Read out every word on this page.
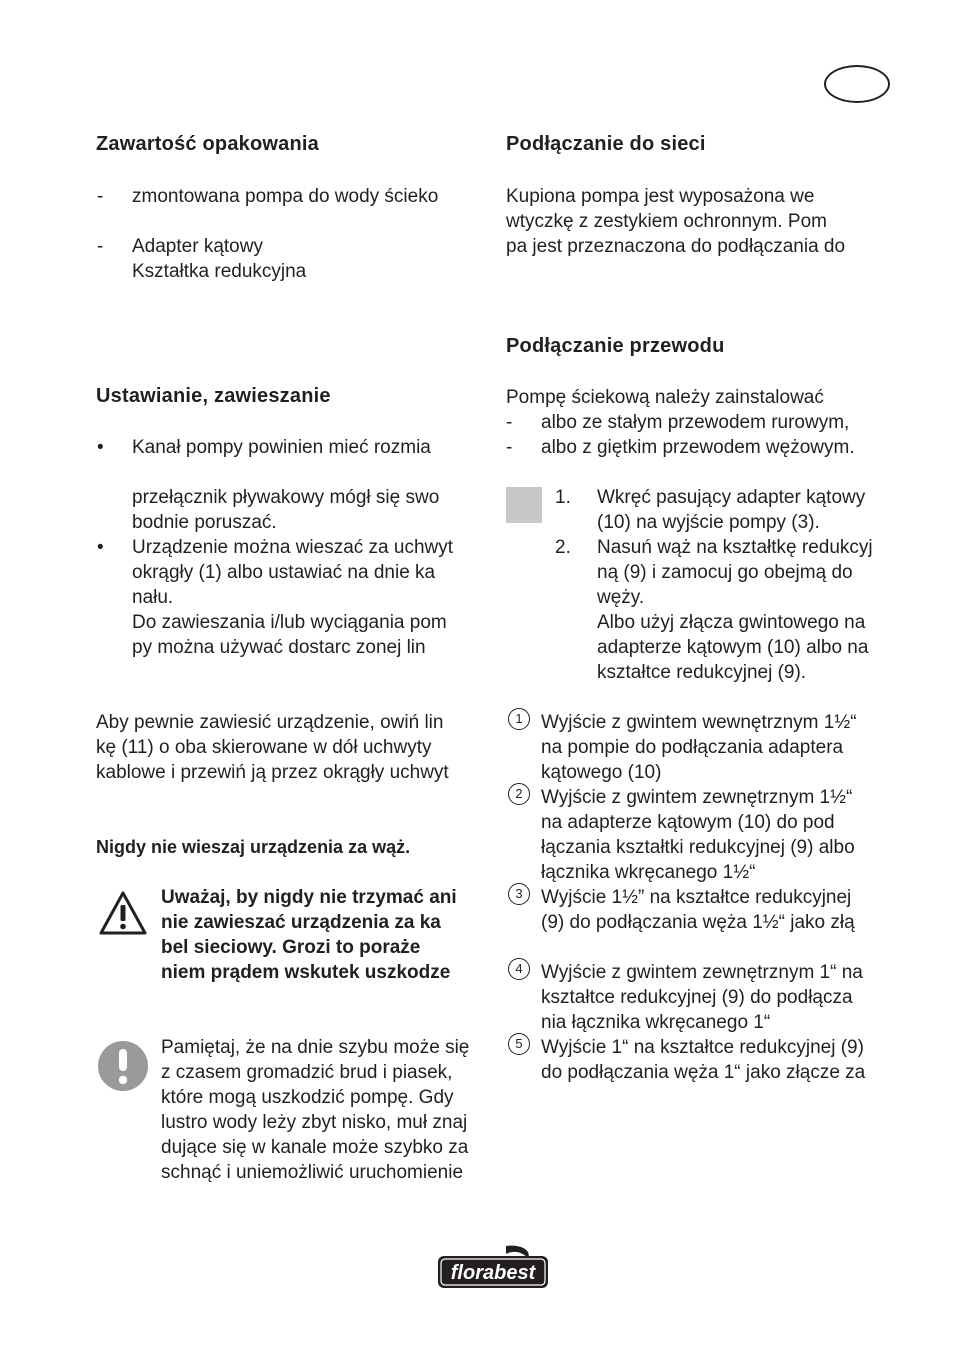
Zawartość opakowania
- zmontowana pompa do wody ścieko
- Adapter kątowy
Kształtka redukcyjna
Ustawianie, zawieszanie
• Kanał pompy powinien mieć rozmia
przełącznik pływakowy mógł się swo
bodnie poruszać.
• Urządzenie można wieszać za uchwyt
okrągły (1) albo ustawiać na dnie ka
nału.
Do zawieszania i/lub wyciągania pom
py można używać dostarc zonej lin
Aby pewnie zawiesić urządzenie, owiń lin
kę (11) o oba skierowane w dół uchwyty
kablowe i przewiń ją przez okrągły uchwyt
Nigdy nie wieszaj urządzenia za wąż.
Uważaj, by nigdy nie trzymać ani
nie zawieszać urządzenia za ka
bel sieciowy. Grozi to poraże
niem prądem wskutek uszkodze
Pamiętaj, że na dnie szybu może się
z czasem gromadzić brud i piasek,
które mogą uszkodzić pompę. Gdy
lustro wody leży zbyt nisko, muł znaj
dujące się w kanale może szybko za
schnąć i uniemożliwić uruchomienie
Podłączanie do sieci
Kupiona pompa jest wyposażona we
wtyczkę z zestykiem ochronnym. Pom
pa jest przeznaczona do podłączania do
Podłączanie przewodu
Pompę ściekową należy zainstalować
- albo ze stałym przewodem rurowym,
- albo z giętkim przewodem wężowym.
1. Wkręć pasujący adapter kątowy
(10) na wyjście pompy (3).
2. Nasuń wąż na kształtkę redukcyj
ną (9) i zamocuj go obejmą do
węży.
Albo użyj złącza gwintowego na
adapterze kątowym (10) albo na
kształtce redukcyjnej (9).
1 Wyjście z gwintem wewnętrznym 1½“
na pompie do podłączania adaptera
kątowego (10)
2 Wyjście z gwintem zewnętrznym 1½“
na adapterze kątowym (10) do pod
łączania kształtki redukcyjnej (9) albo
łącznika wkręcanego 1½“
3 Wyjście 1½” na kształtce redukcyjnej
(9) do podłączania węża 1½“ jako złą
4 Wyjście z gwintem zewnętrznym 1“ na
kształtce redukcyjnej (9) do podłącza
nia łącznika wkręcanego 1“
5 Wyjście 1“ na kształtce redukcyjnej (9)
do podłączania węża 1“ jako złącze za
florabest
